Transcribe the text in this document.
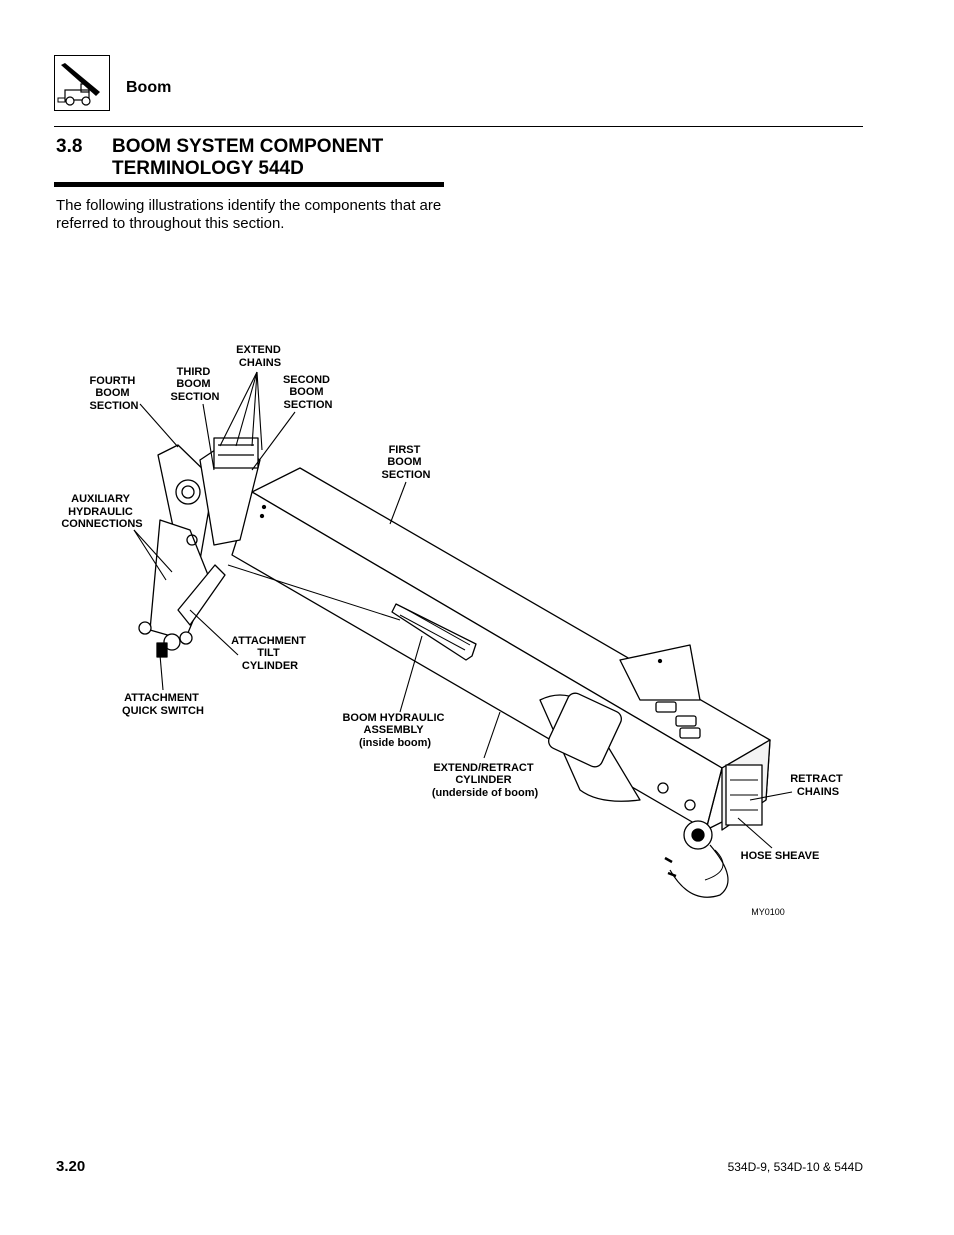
Boom
3.8 BOOM SYSTEM COMPONENT TERMINOLOGY 544D
The following illustrations identify the components that are referred to throughout this section.
EXTEND CHAINS
THIRD BOOM SECTION
FOURTH BOOM SECTION
SECOND BOOM SECTION
FIRST BOOM SECTION
AUXILIARY HYDRAULIC CONNECTIONS
ATTACHMENT TILT CYLINDER
ATTACHMENT QUICK SWITCH
BOOM HYDRAULIC ASSEMBLY (inside boom)
EXTEND/RETRACT CYLINDER (underside of boom)
RETRACT CHAINS
HOSE SHEAVE
MY0100
3.20	534D-9, 534D-10 & 544D
